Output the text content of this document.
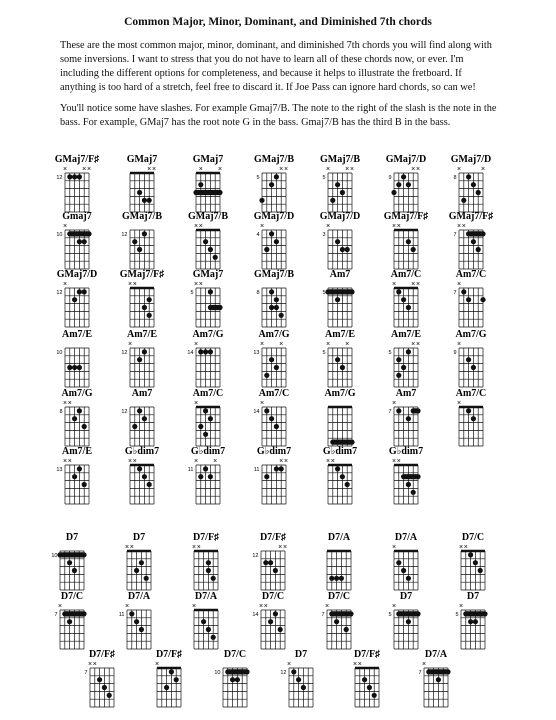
Common Major, Minor, Dominant, and Diminished 7th chords

These are the most common major, minor, dominant, and diminished 7th chords you will find along with some inversions. I want to stress that you do not have to learn all of these chords now, or ever. I'm including the different options for completeness, and because it helps to illustrate the fretboard. If anything is too hard of a stretch, feel free to discard it. If Joe Pass can ignore hard chords, so can we!

You'll notice some have slashes. For example Gmaj7/B. The note to the right of the slash is the note in the bass. For example, GMaj7 has the root note G in the bass. Gmaj7/B has the third B in the bass.

GMaj7/F♯
× × ×
12
GMaj7
× ×
GMaj7
× ×
GMaj7/B
× ×
5
GMaj7/B
× × ×
5
GMaj7/D
× ×
9
GMaj7/D
×	×
8
Gmaj7
×
10
GMaj7/B
12
GMaj7/B
× ×
GMaj7/D
×
4
GMaj7/D
×
3
GMaj7/F♯
× ×
GMaj7/F♯
× ×
7
GMaj7/D
×
12
GMaj7/F♯
× ×
GMaj7
× ×
5
GMaj7/B
8
Am7
5
Am7/C
× × ×
Am7/C
×
7
Am7/E
10
Am7/E
×
12
Am7/G
×
14
Am7/G
× ×
13
Am7/E
× ×
5
Am7/E
× ×
5
Am7/G
×
9
Am7/G
× ×
8
Am7
12
Am7/C
×
Am7/C
×
14
Am7/G	Am7
×
7
Am7/C
×
Am7/E
× ×
13
G♭dim7
× ×
G♭dim7
× ×
11
G♭dim7
× ×
11
G♭dim7
× ×
G♭dim7
× ×
D7
10
D7
× ×
D7/F♯
× ×
D7/F♯
× ×
12
D7/A	D7/A
×
D7/C
× ×
D7/C
×
7
D7/A
×
11
D7/A
×
D7/C
× ×
14
D7/C
×
7
D7
×
5
D7
×
5
D7/F♯
× ×
7
D7/F♯
×
D7/C
10
D7
×
12
D7/F♯
× ×
D7/A
×
7
